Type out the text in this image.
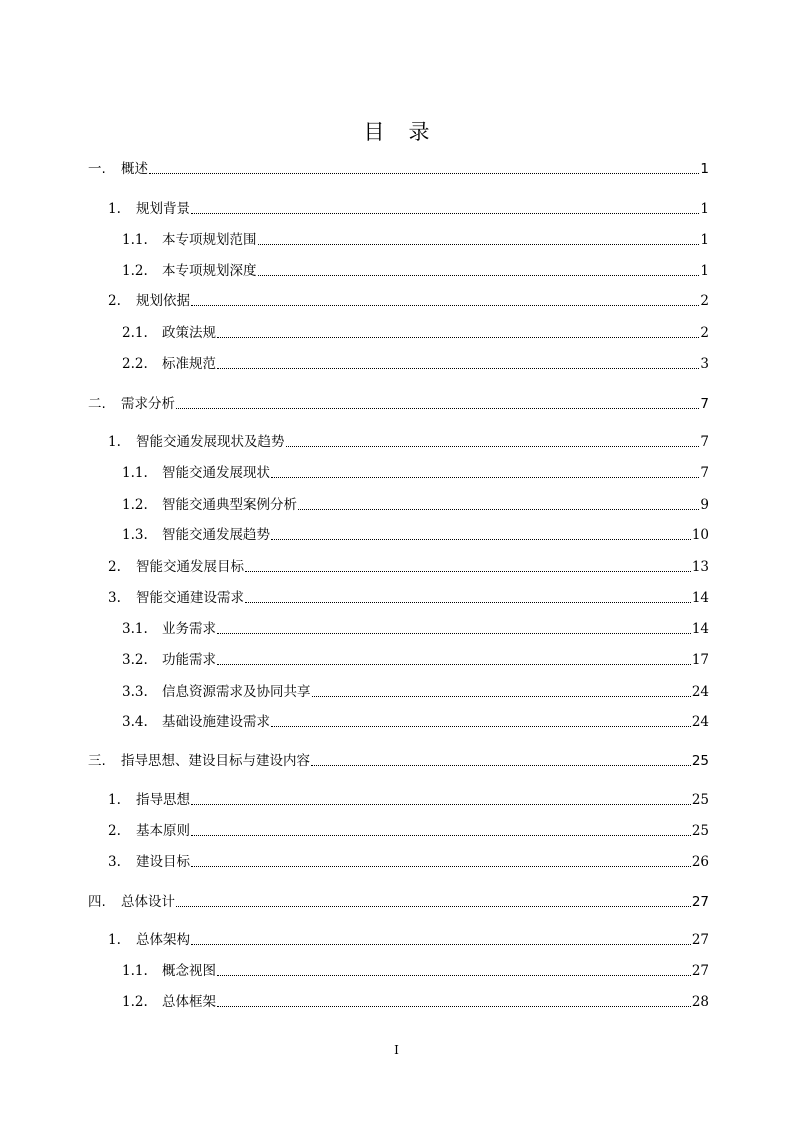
目 录
一.	概述	1
1.	规划背景	1
1.1.	本专项规划范围	1
1.2.	本专项规划深度	1
2.	规划依据	2
2.1.	政策法规	2
2.2.	标准规范	3
二.	需求分析	7
1.	智能交通发展现状及趋势	7
1.1.	智能交通发展现状	7
1.2.	智能交通典型案例分析	9
1.3.	智能交通发展趋势	10
2.	智能交通发展目标	13
3.	智能交通建设需求	14
3.1.	业务需求	14
3.2.	功能需求	17
3.3.	信息资源需求及协同共享	24
3.4.	基础设施建设需求	24
三.	指导思想、建设目标与建设内容	25
1.	指导思想	25
2.	基本原则	25
3.	建设目标	26
四.	总体设计	27
1.	总体架构	27
1.1.	概念视图	27
1.2.	总体框架	28
I
